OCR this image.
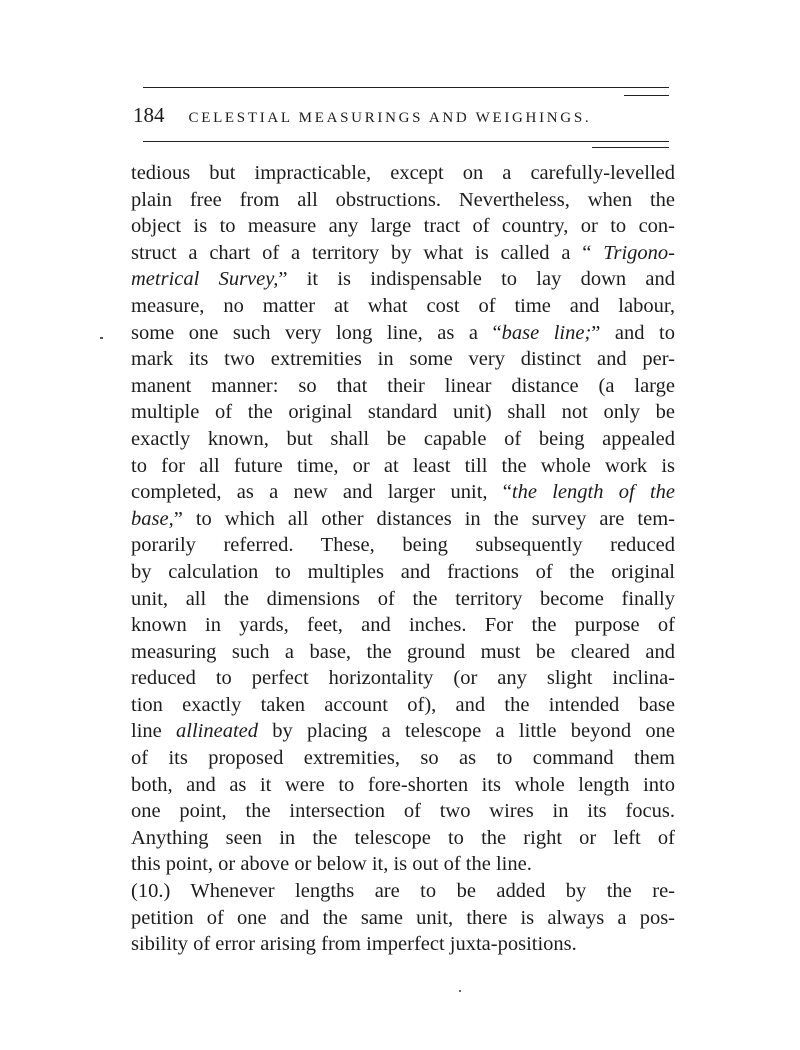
184 CELESTIAL MEASURINGS AND WEIGHINGS.
tedious but impracticable, except on a carefully-levelled
plain free from all obstructions. Nevertheless, when the
object is to measure any large tract of country, or to con-
struct a chart of a territory by what is called a “ Trigono-
metrical Survey,” it is indispensable to lay down and
measure, no matter at what cost of time and labour,
some one such very long line, as a “base line;” and to
mark its two extremities in some very distinct and per-
manent manner: so that their linear distance (a large
multiple of the original standard unit) shall not only be
exactly known, but shall be capable of being appealed
to for all future time, or at least till the whole work is
completed, as a new and larger unit, “the length of the
base,” to which all other distances in the survey are tem-
porarily referred. These, being subsequently reduced
by calculation to multiples and fractions of the original
unit, all the dimensions of the territory become finally
known in yards, feet, and inches. For the purpose of
measuring such a base, the ground must be cleared and
reduced to perfect horizontality (or any slight inclina-
tion exactly taken account of), and the intended base
line allineated by placing a telescope a little beyond one
of its proposed extremities, so as to command them
both, and as it were to fore-shorten its whole length into
one point, the intersection of two wires in its focus.
Anything seen in the telescope to the right or left of
this point, or above or below it, is out of the line.
(10.) Whenever lengths are to be added by the re-
petition of one and the same unit, there is always a pos-
sibility of error arising from imperfect juxta-positions.
